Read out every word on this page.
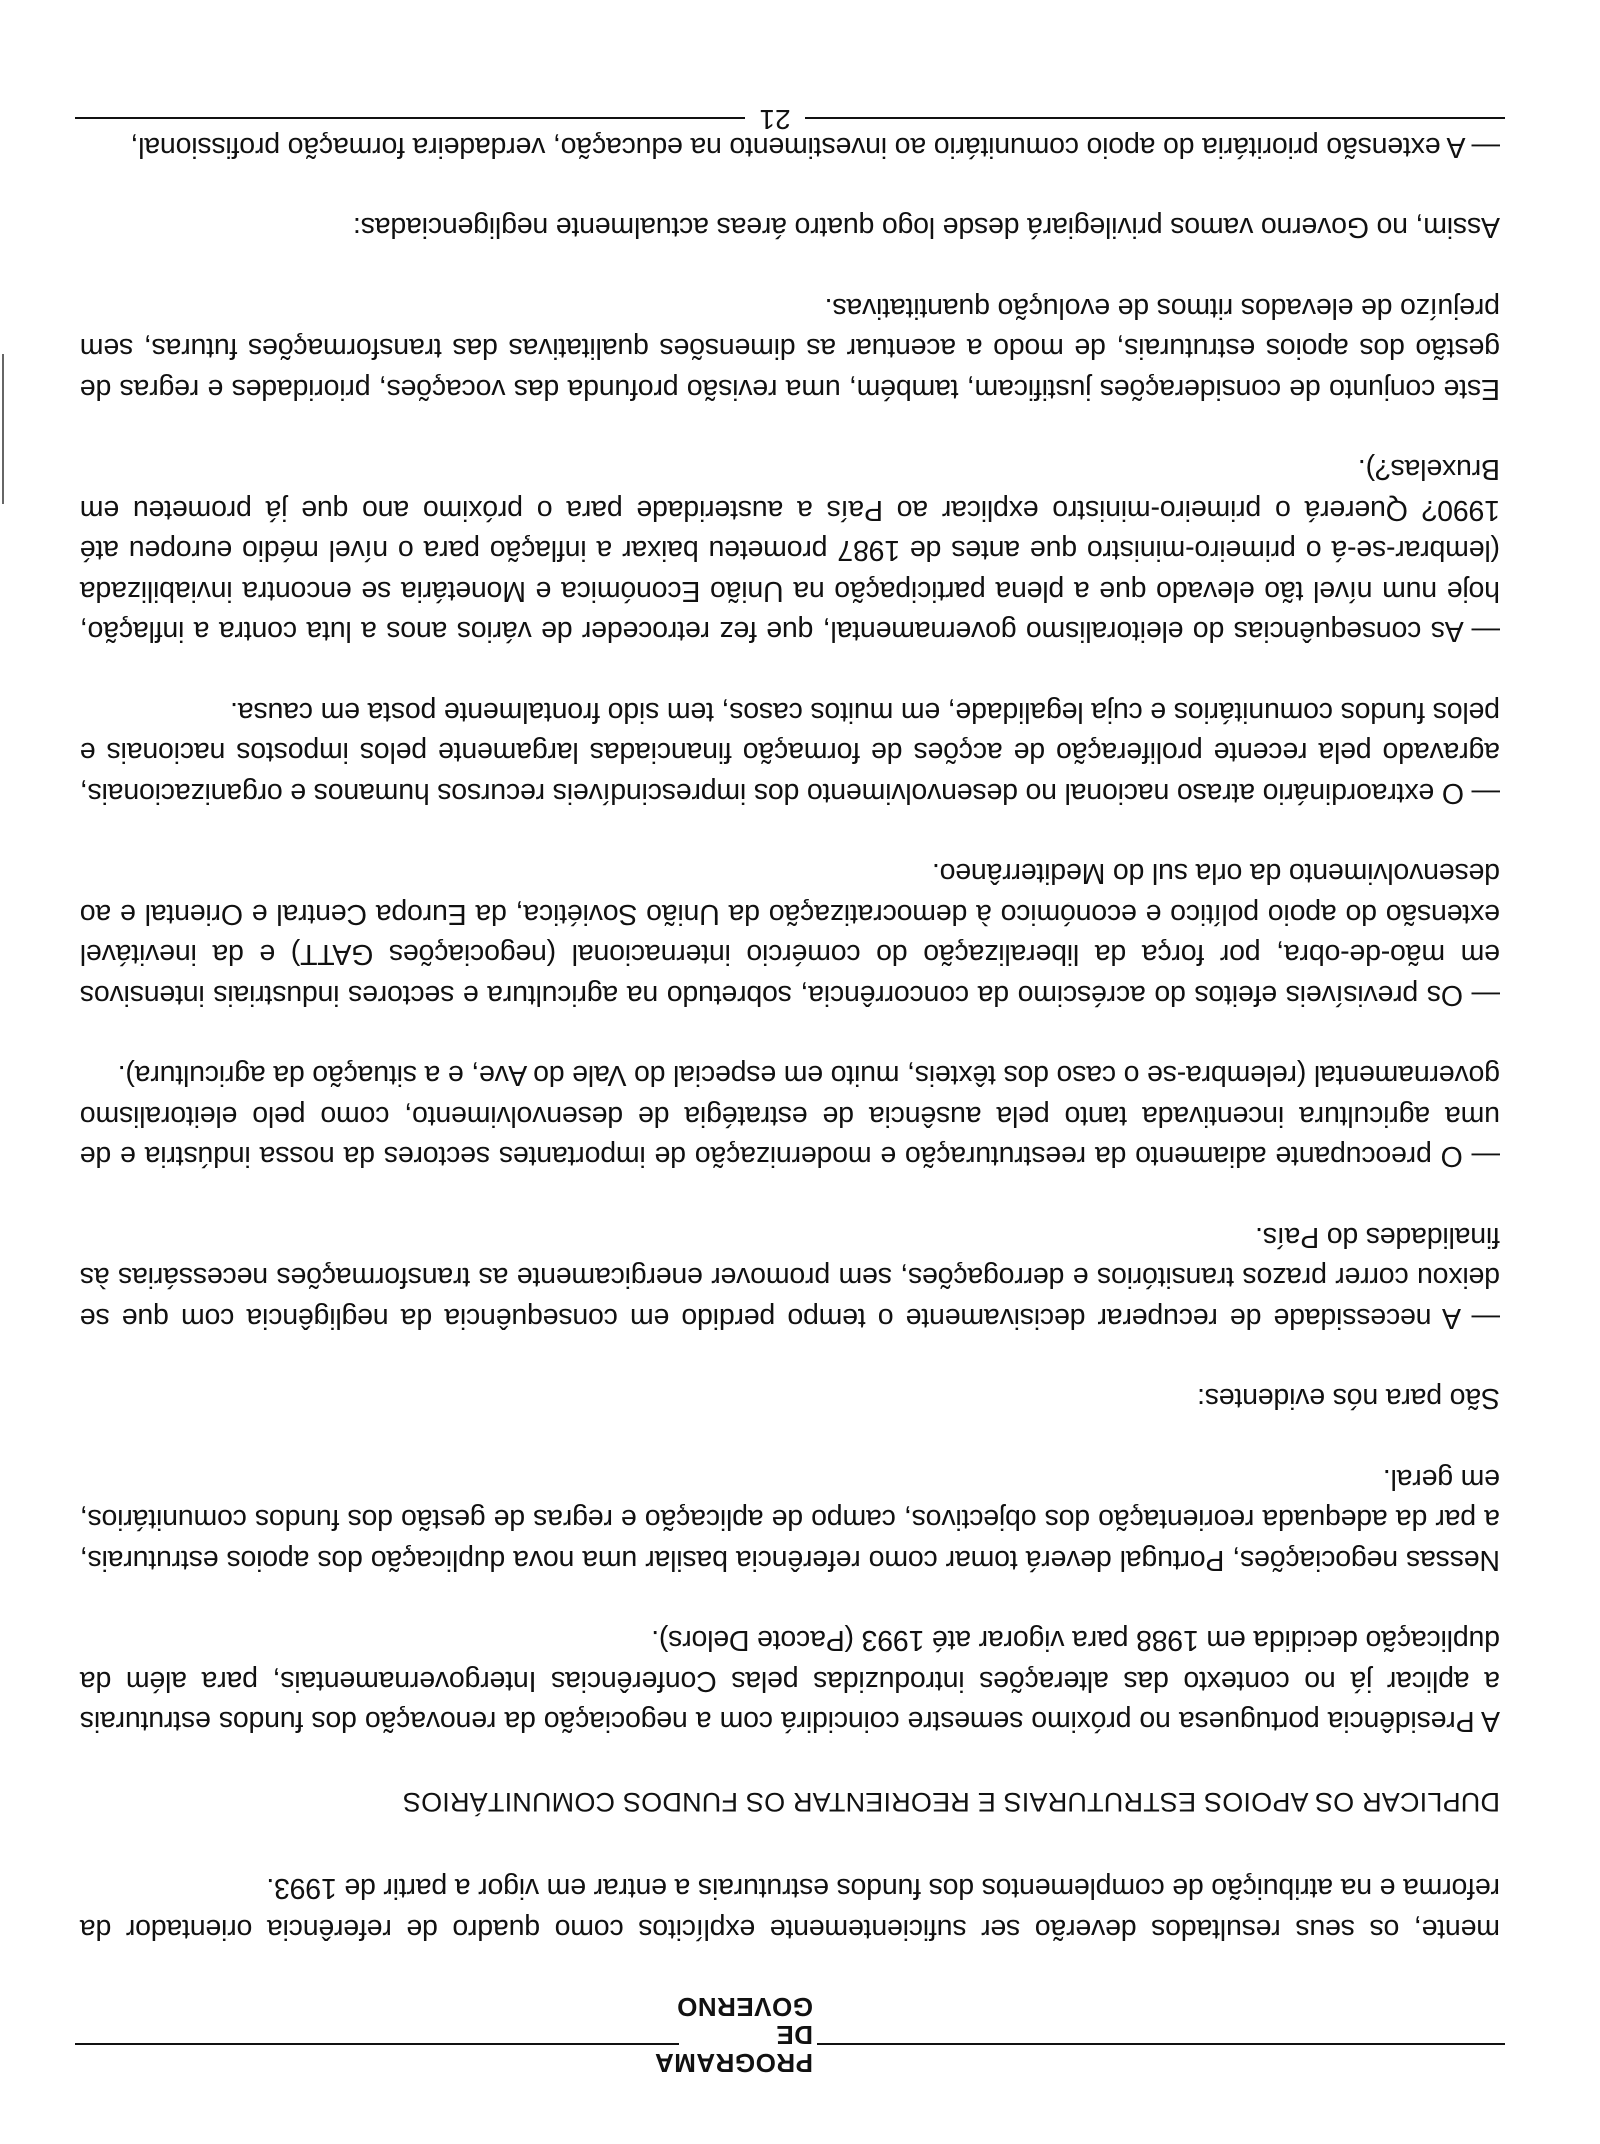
PROGRAMA
DE GOVERNO

mente, os seus resultados deverão ser suficientemente explícitos como quadro de referência orientador da reforma e na atribuição de complementos dos fundos estruturais a entrar em vigor a partir de 1993.

DUPLICAR OS APOIOS ESTRUTURAIS E REORIENTAR OS FUNDOS COMUNITÁRIOS

A Presidência portuguesa no próximo semestre coincidirá com a negociação da renovação dos fundos estruturais a aplicar já no contexto das alterações introduzidas pelas Conferências Intergovernamentais, para além da duplicação decidida em 1988 para vigorar até 1993 (Pacote Delors).

Nessas negociações, Portugal deverá tomar como referência basilar uma nova duplicação dos apoios estruturais, a par da adequada reorientação dos objectivos, campo de aplicação e regras de gestão dos fundos comunitários, em geral.

São para nós evidentes:

— A necessidade de recuperar decisivamente o tempo perdido em consequência da negligência com que se deixou correr prazos transitórios e derrogações, sem promover energicamente as transformações necessárias às finalidades do País.

— O preocupante adiamento da reestruturação e modernização de importantes sectores da nossa indústria e de uma agricultura incentivada tanto pela ausência de estratégia de desenvolvimento, como pelo eleitoralismo governamental (relembra-se o caso dos têxteis, muito em especial do Vale do Ave, e a situação da agricultura).

— Os previsíveis efeitos do acréscimo da concorrência, sobretudo na agricultura e sectores industriais intensivos em mão-de-obra, por força da liberalização do comércio internacional (negociações GATT) e da inevitável extensão do apoio político e económico à democratização da União Soviética, da Europa Central e Oriental e ao desenvolvimento da orla sul do Mediterrâneo.

— O extraordinário atraso nacional no desenvolvimento dos imprescindíveis recursos humanos e organizacionais, agravado pela recente proliferação de acções de formação financiadas largamente pelos impostos nacionais e pelos fundos comunitários e cuja legalidade, em muitos casos, tem sido frontalmente posta em causa.

— As consequências do eleitoralismo governamental, que fez retroceder de vários anos a luta contra a inflação, hoje num nível tão elevado que a plena participação na União Económica e Monetária se encontra inviabilizada (lembrar-se-á o primeiro-ministro que antes de 1987 prometeu baixar a inflação para o nível médio europeu até 1990? Quererá o primeiro-ministro explicar ao País a austeridade para o próximo ano que já prometeu em Bruxelas?).

Este conjunto de considerações justificam, também, uma revisão profunda das vocações, prioridades e regras de gestão dos apoios estruturais, de modo a acentuar as dimensões qualitativas das transformações futuras, sem prejuízo de elevados ritmos de evolução quantitativas.

Assim, no Governo vamos privilegiará desde logo quatro áreas actualmente negligenciadas:

— A extensão prioritária do apoio comunitário ao investimento na educação, verdadeira formação profissional,

21
